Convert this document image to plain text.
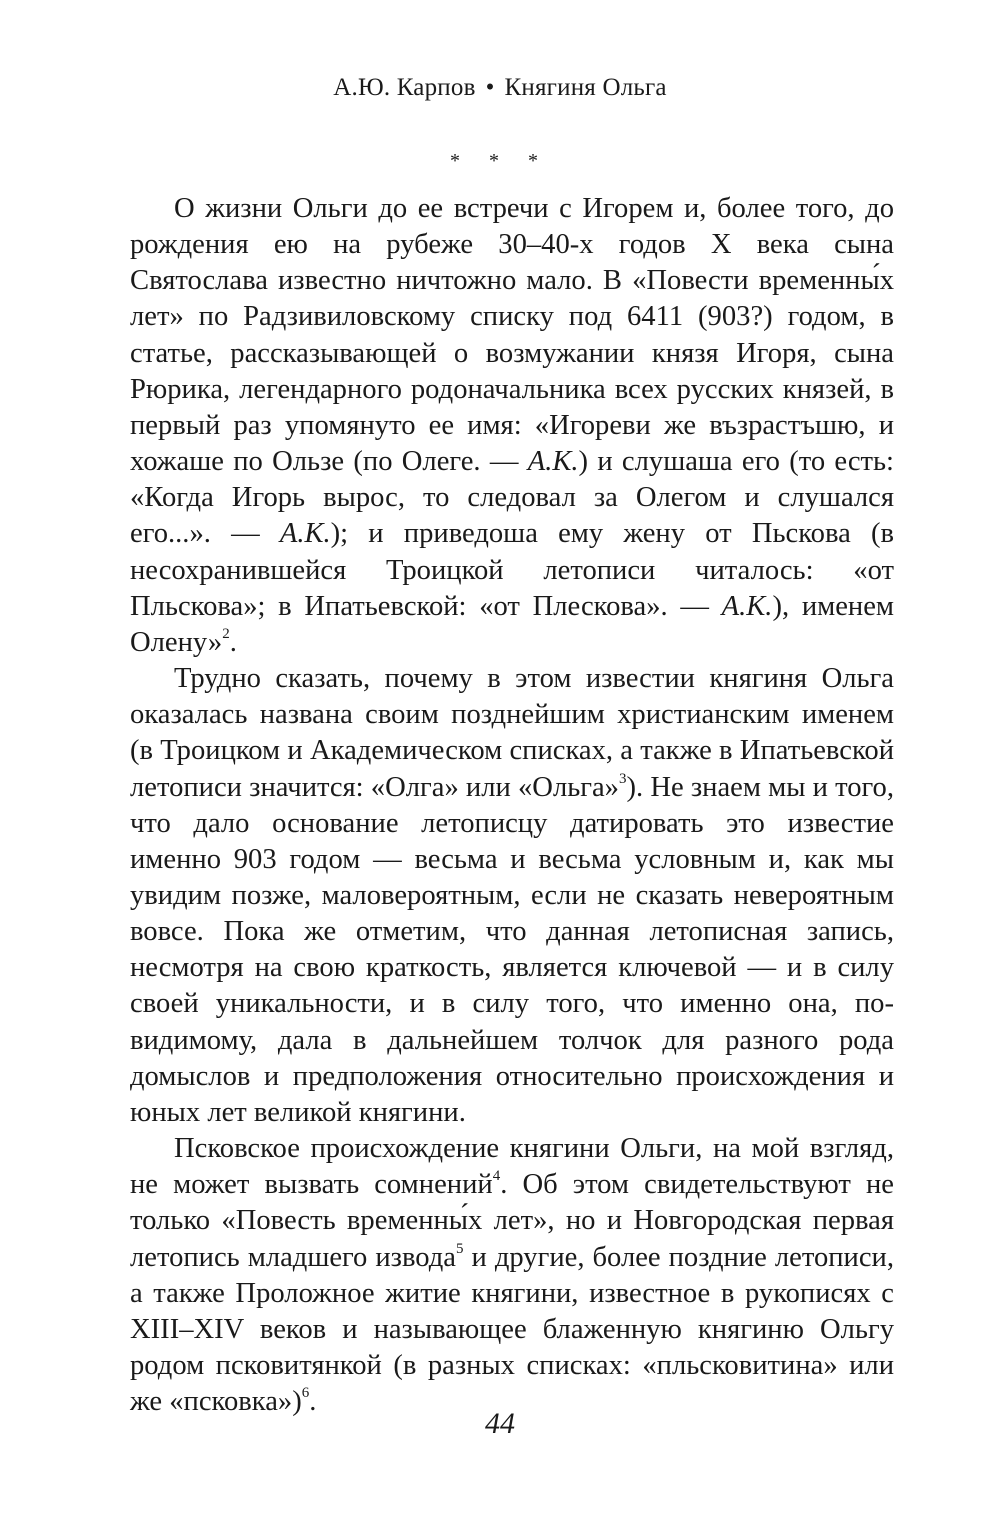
А.Ю. Карпов • Княгиня Ольга
* * *

О жизни Ольги до ее встречи с Игорем и, более того, до рождения ею на рубеже 30–40-х годов X века сына Святослава известно ничтожно мало. В «Повести временны́х лет» по Радзивиловскому списку под 6411 (903?) годом, в статье, рассказывающей о возмужании князя Игоря, сына Рюрика, легендарного родоначальника всех русских князей, в первый раз упомянуто ее имя: «Игореви же възрастъшю, и хожаше по Ользе (по Олеге. — А.К.) и слушаша его (то есть: «Когда Игорь вырос, то следовал за Олегом и слушался его...». — А.К.); и приведоша ему жену от Пьскова (в несохранившейся Троицкой летописи читалось: «от Пльскова»; в Ипатьевской: «от Плескова». — А.К.), именем Олену»$^2$.

Трудно сказать, почему в этом известии княгиня Ольга оказалась названа своим позднейшим христианским именем (в Троицком и Академическом списках, а также в Ипатьевской летописи значится: «Олга» или «Ольга»$^3$). Не знаем мы и того, что дало основание летописцу датировать это известие именно 903 годом — весьма и весьма условным и, как мы увидим позже, маловероятным, если не сказать невероятным вовсе. Пока же отметим, что данная летописная запись, несмотря на свою краткость, является ключевой — и в силу своей уникальности, и в силу того, что именно она, по-видимому, дала в дальнейшем толчок для разного рода домыслов и предположения относительно происхождения и юных лет великой княгини.

Псковское происхождение княгини Ольги, на мой взгляд, не может вызвать сомнений$^4$. Об этом свидетельствуют не только «Повесть временны́х лет», но и Новгородская первая летопись младшего извода$^5$ и другие, более поздние летописи, а также Проложное житие княгини, известное в рукописях с XIII–XIV веков и называющее блаженную княгиню Ольгу родом псковитянкой (в разных списках: «пльсковитина» или же «псковка»)$^6$.

44
